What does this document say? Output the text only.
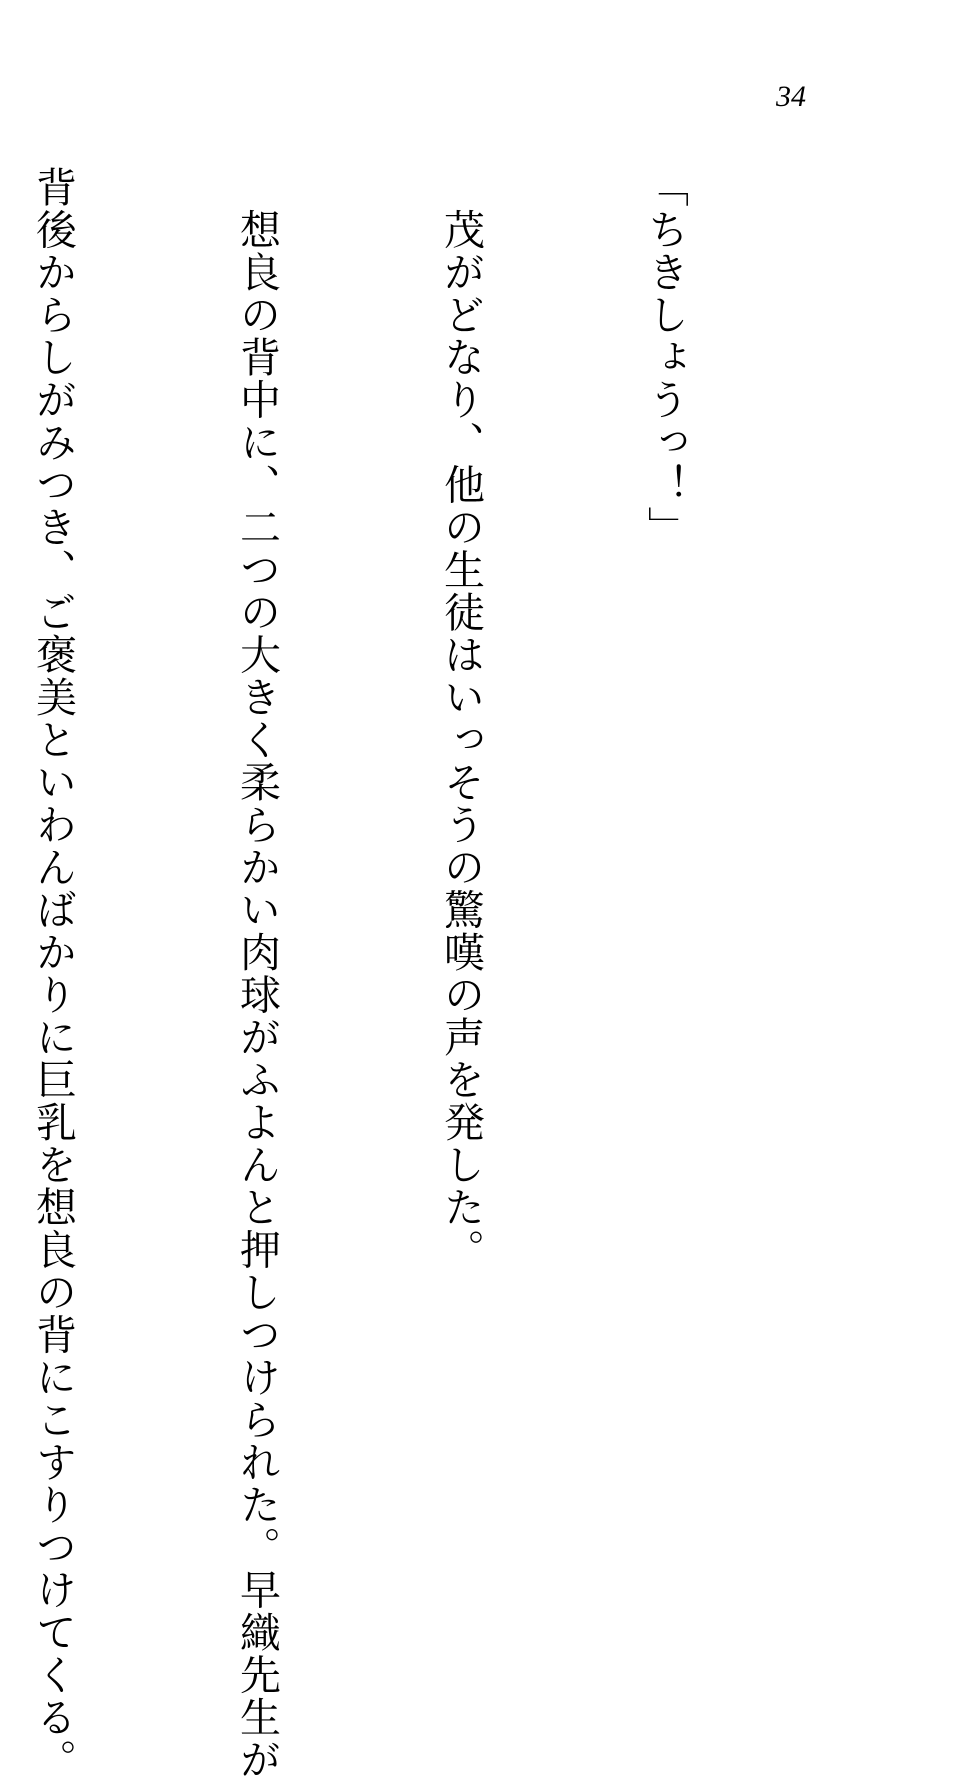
34

「ちきしょうっ！」

　茂がどなり、他の生徒はいっそうの驚嘆の声を発した。

　想良の背中に、二つの大きく柔らかい肉球がふよんと押しつけられた。早織先生が

背後からしがみつき、ご褒美といわんばかりに巨乳を想良の背にこすりつけてくる。
